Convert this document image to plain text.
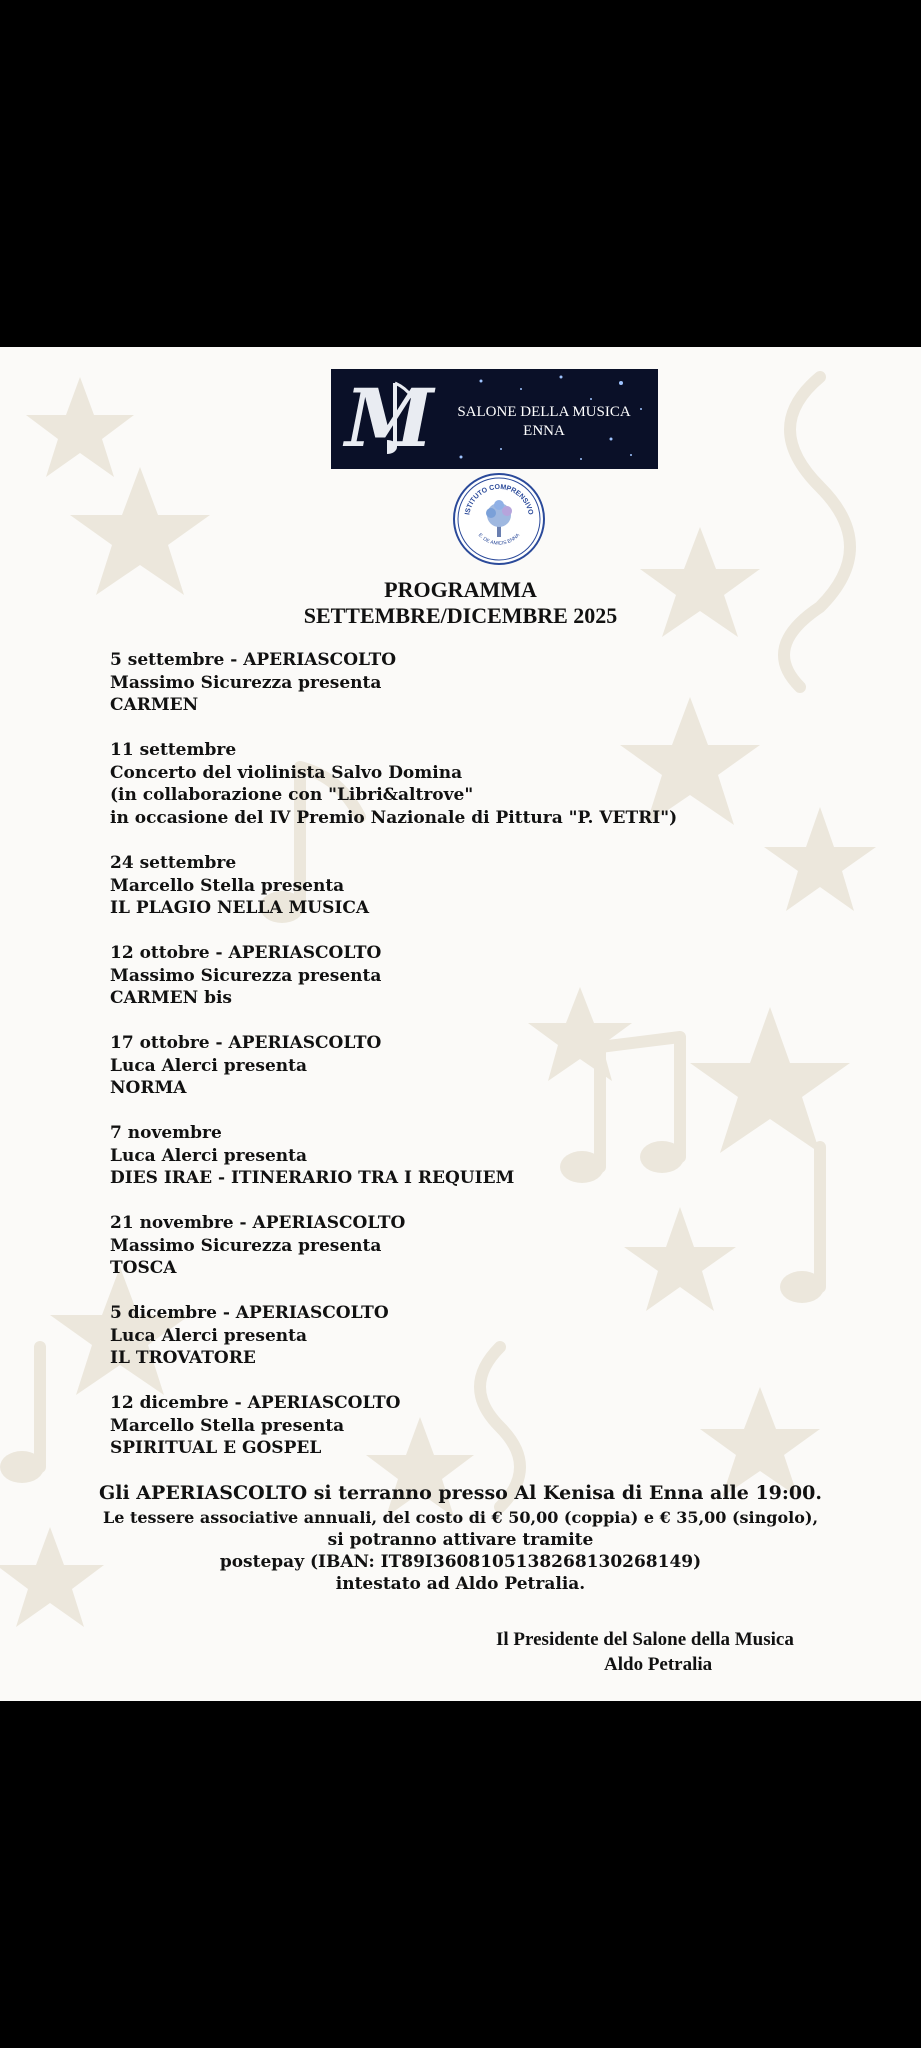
M	SALONE DELLA MUSICA
ENNA
ISTITUTO COMPRENSIVO
E. DE AMICIS ENNA
PROGRAMMA
SETTEMBRE/DICEMBRE 2025
5 settembre - APERIASCOLTO
Massimo Sicurezza presenta
CARMEN
11 settembre
Concerto del violinista Salvo Domina
(in collaborazione con "Libri&altrove"
in occasione del IV Premio Nazionale di Pittura "P. VETRI")
24 settembre
Marcello Stella presenta
IL PLAGIO NELLA MUSICA
12 ottobre - APERIASCOLTO
Massimo Sicurezza presenta
CARMEN bis
17 ottobre - APERIASCOLTO
Luca Alerci presenta
NORMA
7 novembre
Luca Alerci presenta
DIES IRAE - ITINERARIO TRA I REQUIEM
21 novembre - APERIASCOLTO
Massimo Sicurezza presenta
TOSCA
5 dicembre - APERIASCOLTO
Luca Alerci presenta
IL TROVATORE
12 dicembre - APERIASCOLTO
Marcello Stella presenta
SPIRITUAL E GOSPEL
Gli APERIASCOLTO si terranno presso Al Kenisa di Enna alle 19:00.
Le tessere associative annuali, del costo di € 50,00 (coppia) e € 35,00 (singolo),
si potranno attivare tramite
postepay (IBAN: IT89I3608105138268130268149)
intestato ad Aldo Petralia.
Il Presidente del Salone della Musica
Aldo Petralia
